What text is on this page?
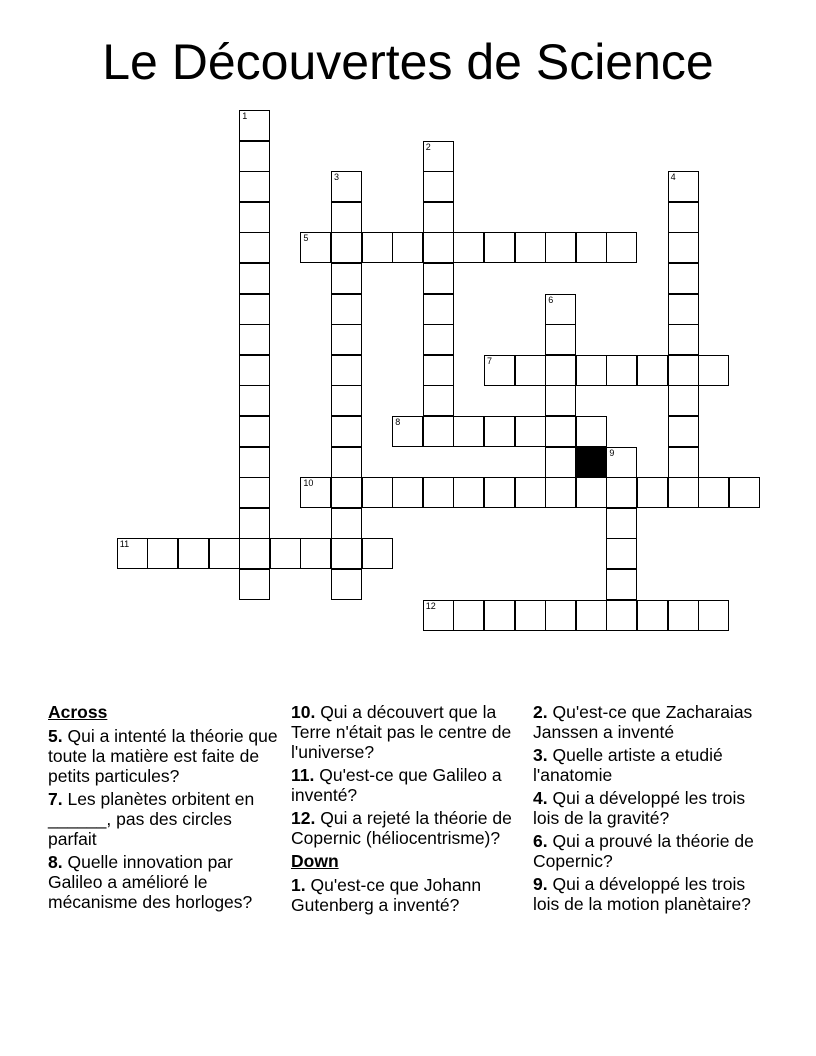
Le Découvertes de Science
1
2
3	4
5
6
7
8
9
10
11
12
Across
5. Qui a intenté la théorie que toute la matière est faite de petits particules?
7. Les planètes orbitent en ______, pas des circles parfait
8. Quelle innovation par Galileo a amélioré le mécanisme des horloges?
10. Qui a découvert que la Terre n'était pas le centre de l'universe?
11. Qu'est-ce que Galileo a inventé?
12. Qui a rejeté la théorie de Copernic (héliocentrisme)?
Down
1. Qu'est-ce que Johann Gutenberg a inventé?
2. Qu'est-ce que Zacharaias Janssen a inventé
3. Quelle artiste a etudié l'anatomie
4. Qui a développé les trois lois de la gravité?
6. Qui a prouvé la théorie de Copernic?
9. Qui a développé les trois lois de la motion planètaire?
